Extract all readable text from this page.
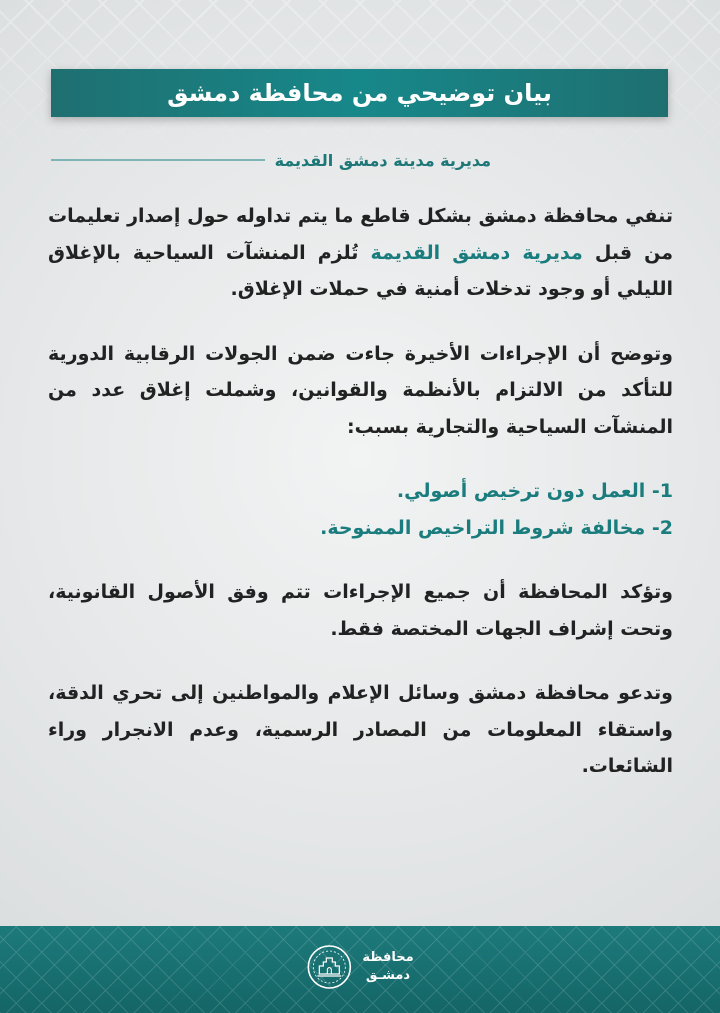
بيان توضيحي من محافظة دمشق
مديرية مدينة دمشق القديمة

تنفي محافظة دمشق بشكل قاطع ما يتم تداوله حول إصدار تعليمات من قبل مديرية دمشق القديمة تُلزم المنشآت السياحية بالإغلاق الليلي أو وجود تدخلات أمنية في حملات الإغلاق.

وتوضح أن الإجراءات الأخيرة جاءت ضمن الجولات الرقابية الدورية للتأكد من الالتزام بالأنظمة والقوانين، وشملت إغلاق عدد من المنشآت السياحية والتجارية بسبب:

1- العمل دون ترخيص أصولي.
2- مخالفة شروط التراخيص الممنوحة.

وتؤكد المحافظة أن جميع الإجراءات تتم وفق الأصول القانونية، وتحت إشراف الجهات المختصة فقط.

وتدعو محافظة دمشق وسائل الإعلام والمواطنين إلى تحري الدقة، واستقاء المعلومات من المصادر الرسمية، وعدم الانجرار وراء الشائعات.

محافظة
دمشـق
